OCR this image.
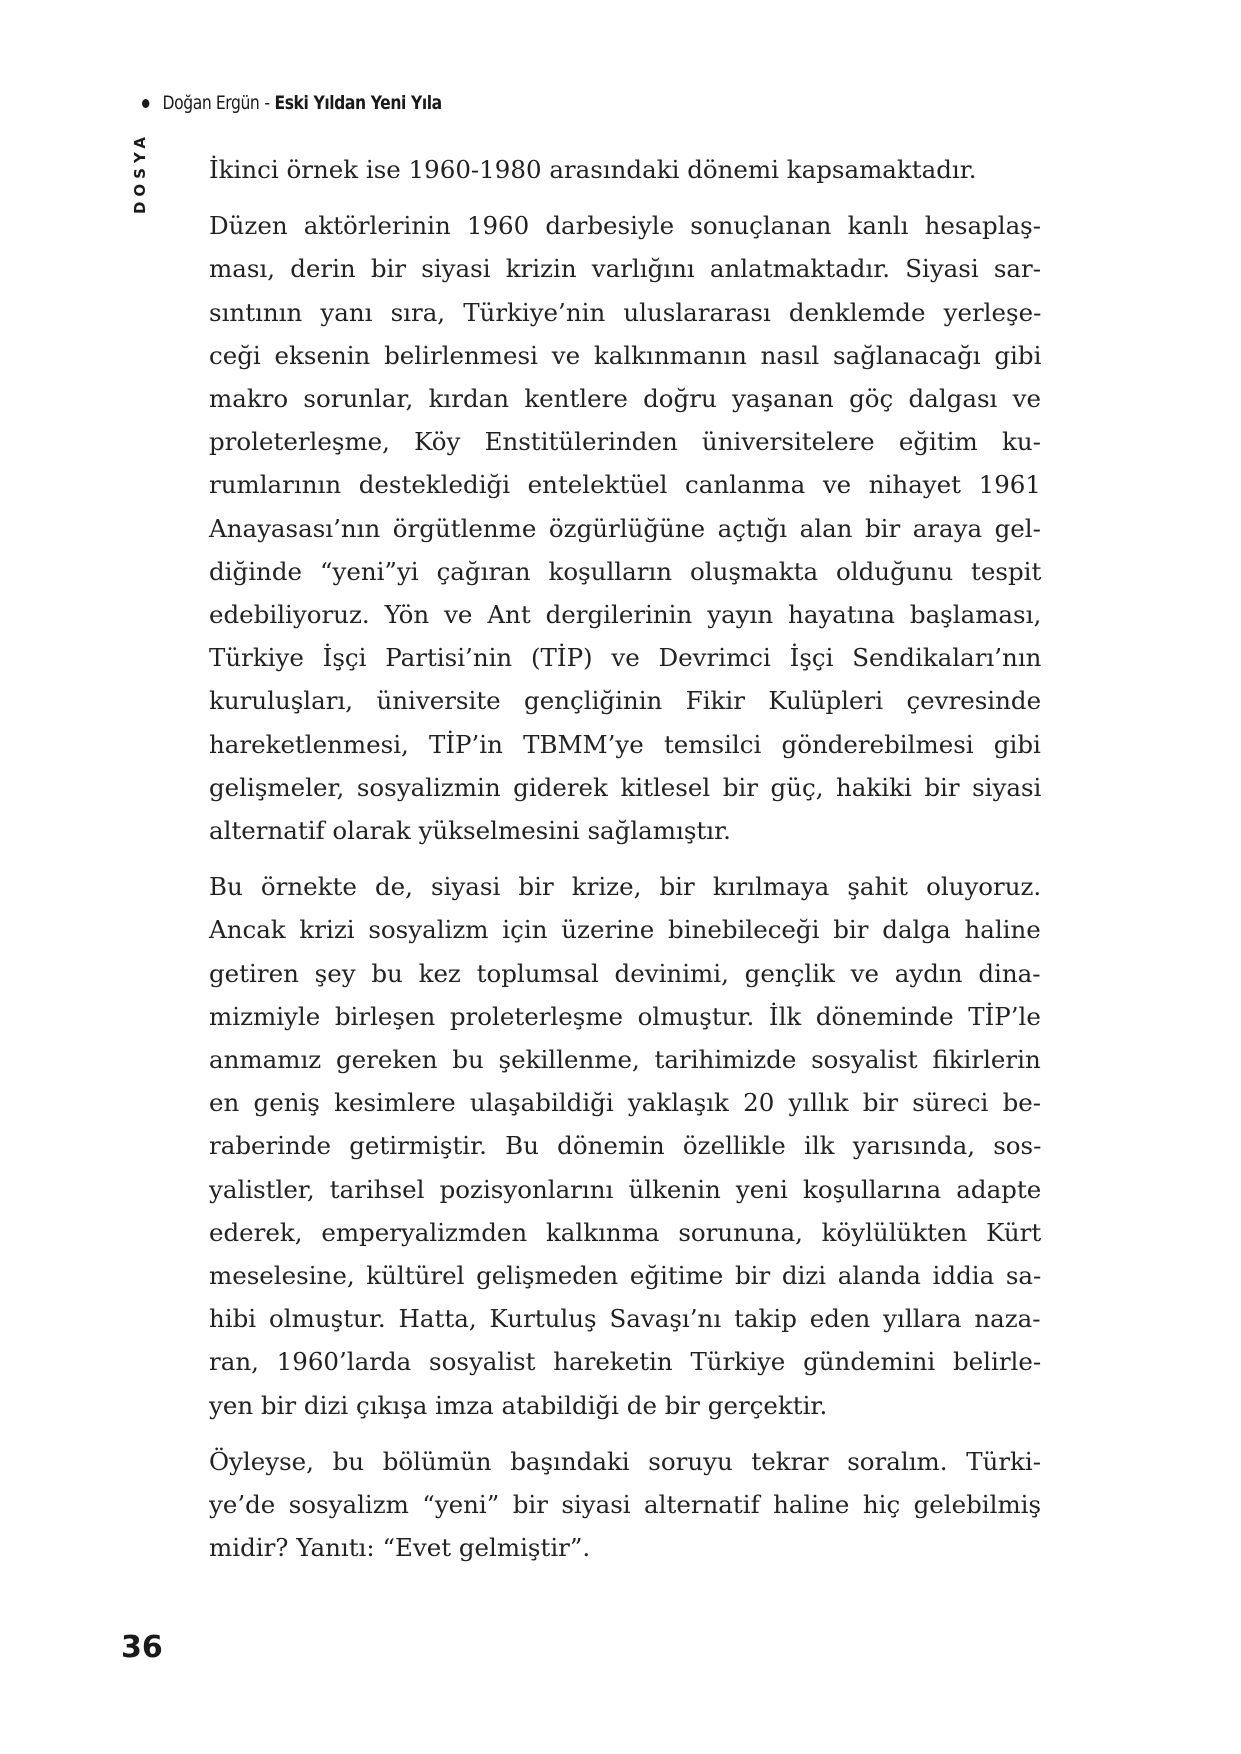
Doğan Ergün - Eski Yıldan Yeni Yıla
DOSYA İkinci örnek ise 1960-1980 arasındaki dönemi kapsamaktadır.

Düzen aktörlerinin 1960 darbesiyle sonuçlanan kanlı hesaplaş-
ması, derin bir siyasi krizin varlığını anlatmaktadır. Siyasi sar-
sıntının yanı sıra, Türkiye’nin uluslararası denklemde yerleşe-
ceği eksenin belirlenmesi ve kalkınmanın nasıl sağlanacağı gibi
makro sorunlar, kırdan kentlere doğru yaşanan göç dalgası ve
proleterleşme, Köy Enstitülerinden üniversitelere eğitim ku-
rumlarının desteklediği entelektüel canlanma ve nihayet 1961
Anayasası’nın örgütlenme özgürlüğüne açtığı alan bir araya gel-
diğinde “yeni”yi çağıran koşulların oluşmakta olduğunu tespit
edebiliyoruz. Yön ve Ant dergilerinin yayın hayatına başlaması,
Türkiye İşçi Partisi’nin (TİP) ve Devrimci İşçi Sendikaları’nın
kuruluşları, üniversite gençliğinin Fikir Kulüpleri çevresinde
hareketlenmesi, TİP’in TBMM’ye temsilci gönderebilmesi gibi
gelişmeler, sosyalizmin giderek kitlesel bir güç, hakiki bir siyasi
alternatif olarak yükselmesini sağlamıştır.

Bu örnekte de, siyasi bir krize, bir kırılmaya şahit oluyoruz.
Ancak krizi sosyalizm için üzerine binebileceği bir dalga haline
getiren şey bu kez toplumsal devinimi, gençlik ve aydın dina-
mizmiyle birleşen proleterleşme olmuştur. İlk döneminde TİP’le
anmamız gereken bu şekillenme, tarihimizde sosyalist fikirlerin
en geniş kesimlere ulaşabildiği yaklaşık 20 yıllık bir süreci be-
raberinde getirmiştir. Bu dönemin özellikle ilk yarısında, sos-
yalistler, tarihsel pozisyonlarını ülkenin yeni koşullarına adapte
ederek, emperyalizmden kalkınma sorununa, köylülükten Kürt
meselesine, kültürel gelişmeden eğitime bir dizi alanda iddia sa-
hibi olmuştur. Hatta, Kurtuluş Savaşı’nı takip eden yıllara naza-
ran, 1960’larda sosyalist hareketin Türkiye gündemini belirle-
yen bir dizi çıkışa imza atabildiği de bir gerçektir.

Öyleyse, bu bölümün başındaki soruyu tekrar soralım. Türki-
ye’de sosyalizm “yeni” bir siyasi alternatif haline hiç gelebilmiş
midir? Yanıtı: “Evet gelmiştir”.

36
